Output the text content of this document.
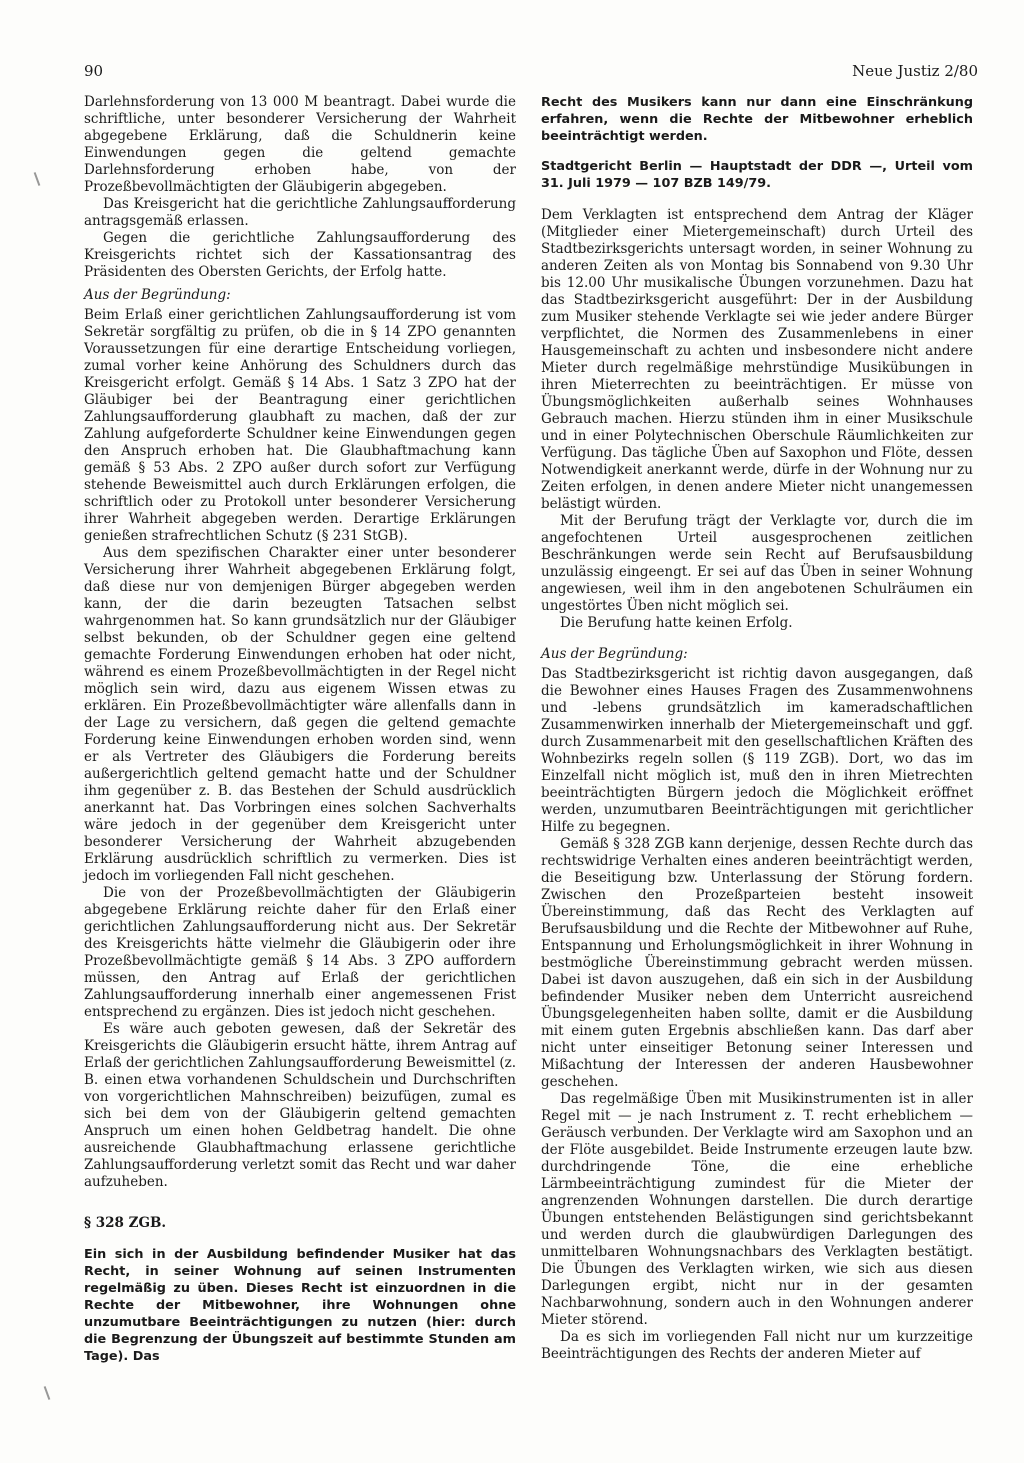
90	Neue Justiz 2/80

Darlehnsforderung von 13 000 M beantragt. Dabei wurde die schriftliche, unter besonderer Versicherung der Wahrheit abgegebene Erklärung, daß die Schuldnerin keine Einwendungen gegen die geltend gemachte Darlehnsforderung erhoben habe, von der Prozeßbevollmächtigten der Gläubigerin abgegeben.

Das Kreisgericht hat die gerichtliche Zahlungsaufforderung antragsgemäß erlassen.

Gegen die gerichtliche Zahlungsaufforderung des Kreisgerichts richtet sich der Kassationsantrag des Präsidenten des Obersten Gerichts, der Erfolg hatte.

Aus der Begründung:

Beim Erlaß einer gerichtlichen Zahlungsaufforderung ist vom Sekretär sorgfältig zu prüfen, ob die in § 14 ZPO genannten Voraussetzungen für eine derartige Entscheidung vorliegen, zumal vorher keine Anhörung des Schuldners durch das Kreisgericht erfolgt. Gemäß § 14 Abs. 1 Satz 3 ZPO hat der Gläubiger bei der Beantragung einer gerichtlichen Zahlungsaufforderung glaubhaft zu machen, daß der zur Zahlung aufgeforderte Schuldner keine Einwendungen gegen den Anspruch erhoben hat. Die Glaubhaftmachung kann gemäß § 53 Abs. 2 ZPO außer durch sofort zur Verfügung stehende Beweismittel auch durch Erklärungen erfolgen, die schriftlich oder zu Protokoll unter besonderer Versicherung ihrer Wahrheit abgegeben werden. Derartige Erklärungen genießen strafrechtlichen Schutz (§ 231 StGB).

Aus dem spezifischen Charakter einer unter besonderer Versicherung ihrer Wahrheit abgegebenen Erklärung folgt, daß diese nur von demjenigen Bürger abgegeben werden kann, der die darin bezeugten Tatsachen selbst wahrgenommen hat. So kann grundsätzlich nur der Gläubiger selbst bekunden, ob der Schuldner gegen eine geltend gemachte Forderung Einwendungen erhoben hat oder nicht, während es einem Prozeßbevollmächtigten in der Regel nicht möglich sein wird, dazu aus eigenem Wissen etwas zu erklären. Ein Prozeßbevollmächtigter wäre allenfalls dann in der Lage zu versichern, daß gegen die geltend gemachte Forderung keine Einwendungen erhoben worden sind, wenn er als Vertreter des Gläubigers die Forderung bereits außergerichtlich geltend gemacht hatte und der Schuldner ihm gegenüber z. B. das Bestehen der Schuld ausdrücklich anerkannt hat. Das Vorbringen eines solchen Sachverhalts wäre jedoch in der gegenüber dem Kreisgericht unter besonderer Versicherung der Wahrheit abzugebenden Erklärung ausdrücklich schriftlich zu vermerken. Dies ist jedoch im vorliegenden Fall nicht geschehen.

Die von der Prozeßbevollmächtigten der Gläubigerin abgegebene Erklärung reichte daher für den Erlaß einer gerichtlichen Zahlungsaufforderung nicht aus. Der Sekretär des Kreisgerichts hätte vielmehr die Gläubigerin oder ihre Prozeßbevollmächtigte gemäß § 14 Abs. 3 ZPO auffordern müssen, den Antrag auf Erlaß der gerichtlichen Zahlungsaufforderung innerhalb einer angemessenen Frist entsprechend zu ergänzen. Dies ist jedoch nicht geschehen.

Es wäre auch geboten gewesen, daß der Sekretär des Kreisgerichts die Gläubigerin ersucht hätte, ihrem Antrag auf Erlaß der gerichtlichen Zahlungsaufforderung Beweismittel (z. B. einen etwa vorhandenen Schuldschein und Durchschriften von vorgerichtlichen Mahnschreiben) beizufügen, zumal es sich bei dem von der Gläubigerin geltend gemachten Anspruch um einen hohen Geldbetrag handelt. Die ohne ausreichende Glaubhaftmachung erlassene gerichtliche Zahlungsaufforderung verletzt somit das Recht und war daher aufzuheben.

§ 328 ZGB.

Ein sich in der Ausbildung befindender Musiker hat das Recht, in seiner Wohnung auf seinen Instrumenten regelmäßig zu üben. Dieses Recht ist einzuordnen in die Rechte der Mitbewohner, ihre Wohnungen ohne unzumutbare Beeinträchtigungen zu nutzen (hier: durch die Begrenzung der Übungszeit auf bestimmte Stunden am Tage). Das

Recht des Musikers kann nur dann eine Einschränkung erfahren, wenn die Rechte der Mitbewohner erheblich beeinträchtigt werden.

Stadtgericht Berlin — Hauptstadt der DDR —, Urteil vom 31. Juli 1979 — 107 BZB 149/79.

Dem Verklagten ist entsprechend dem Antrag der Kläger (Mitglieder einer Mietergemeinschaft) durch Urteil des Stadtbezirksgerichts untersagt worden, in seiner Wohnung zu anderen Zeiten als von Montag bis Sonnabend von 9.30 Uhr bis 12.00 Uhr musikalische Übungen vorzunehmen. Dazu hat das Stadtbezirksgericht ausgeführt: Der in der Ausbildung zum Musiker stehende Verklagte sei wie jeder andere Bürger verpflichtet, die Normen des Zusammenlebens in einer Hausgemeinschaft zu achten und insbesondere nicht andere Mieter durch regelmäßige mehrstündige Musikübungen in ihren Mieterrechten zu beeinträchtigen. Er müsse von Übungsmöglichkeiten außerhalb seines Wohnhauses Gebrauch machen. Hierzu stünden ihm in einer Musikschule und in einer Polytechnischen Oberschule Räumlichkeiten zur Verfügung. Das tägliche Üben auf Saxophon und Flöte, dessen Notwendigkeit anerkannt werde, dürfe in der Wohnung nur zu Zeiten erfolgen, in denen andere Mieter nicht unangemessen belästigt würden.

Mit der Berufung trägt der Verklagte vor, durch die im angefochtenen Urteil ausgesprochenen zeitlichen Beschränkungen werde sein Recht auf Berufsausbildung unzulässig eingeengt. Er sei auf das Üben in seiner Wohnung angewiesen, weil ihm in den angebotenen Schulräumen ein ungestörtes Üben nicht möglich sei.

Die Berufung hatte keinen Erfolg.

Aus der Begründung:

Das Stadtbezirksgericht ist richtig davon ausgegangen, daß die Bewohner eines Hauses Fragen des Zusammenwohnens und -lebens grundsätzlich im kameradschaftlichen Zusammenwirken innerhalb der Mietergemeinschaft und ggf. durch Zusammenarbeit mit den gesellschaftlichen Kräften des Wohnbezirks regeln sollen (§ 119 ZGB). Dort, wo das im Einzelfall nicht möglich ist, muß den in ihren Mietrechten beeinträchtigten Bürgern jedoch die Möglichkeit eröffnet werden, unzumutbaren Beeinträchtigungen mit gerichtlicher Hilfe zu begegnen.

Gemäß § 328 ZGB kann derjenige, dessen Rechte durch das rechtswidrige Verhalten eines anderen beeinträchtigt werden, die Beseitigung bzw. Unterlassung der Störung fordern. Zwischen den Prozeßparteien besteht insoweit Übereinstimmung, daß das Recht des Verklagten auf Berufsausbildung und die Rechte der Mitbewohner auf Ruhe, Entspannung und Erholungsmöglichkeit in ihrer Wohnung in bestmögliche Übereinstimmung gebracht werden müssen. Dabei ist davon auszugehen, daß ein sich in der Ausbildung befindender Musiker neben dem Unterricht ausreichend Übungsgelegenheiten haben sollte, damit er die Ausbildung mit einem guten Ergebnis abschließen kann. Das darf aber nicht unter einseitiger Betonung seiner Interessen und Mißachtung der Interessen der anderen Hausbewohner geschehen.

Das regelmäßige Üben mit Musikinstrumenten ist in aller Regel mit — je nach Instrument z. T. recht erheblichem — Geräusch verbunden. Der Verklagte wird am Saxophon und an der Flöte ausgebildet. Beide Instrumente erzeugen laute bzw. durchdringende Töne, die eine erhebliche Lärmbeeinträchtigung zumindest für die Mieter der angrenzenden Wohnungen darstellen. Die durch derartige Übungen entstehenden Belästigungen sind gerichtsbekannt und werden durch die glaubwürdigen Darlegungen des unmittelbaren Wohnungsnachbars des Verklagten bestätigt. Die Übungen des Verklagten wirken, wie sich aus diesen Darlegungen ergibt, nicht nur in der gesamten Nachbarwohnung, sondern auch in den Wohnungen anderer Mieter störend.

Da es sich im vorliegenden Fall nicht nur um kurzzeitige Beeinträchtigungen des Rechts der anderen Mieter auf
